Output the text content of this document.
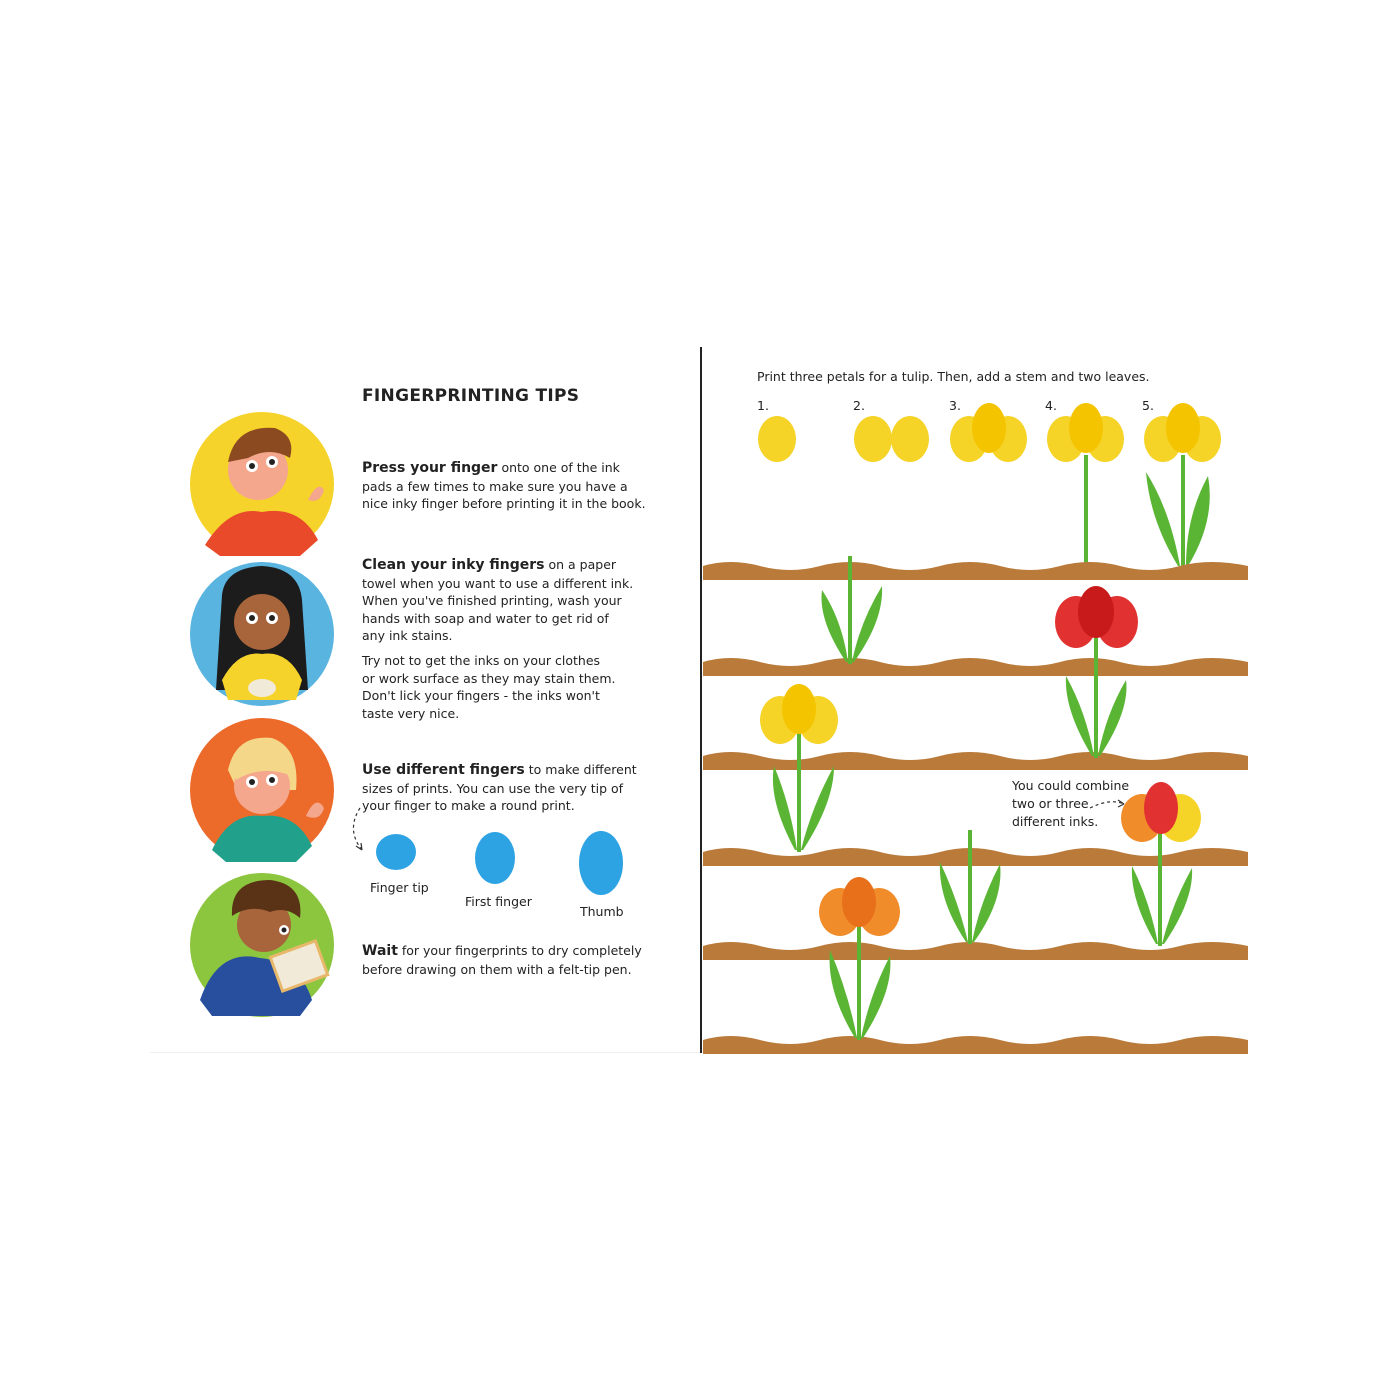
FINGERPRINTING TIPS
Press your finger onto one of the ink
pads a few times to make sure you have a
nice inky finger before printing it in the book.
Clean your inky fingers on a paper
towel when you want to use a different ink.
When you've finished printing, wash your
hands with soap and water to get rid of
any ink stains.
Try not to get the inks on your clothes
or work surface as they may stain them.
Don't lick your fingers - the inks won't
taste very nice.
Use different fingers to make different
sizes of prints. You can use the very tip of
your finger to make a round print.
Finger tip
First finger
Thumb
Wait for your fingerprints to dry completely
before drawing on them with a felt-tip pen.
Print three petals for a tulip. Then, add a stem and two leaves.
1.	2.	3.	4.	5.
You could combine
two or three
different inks.
